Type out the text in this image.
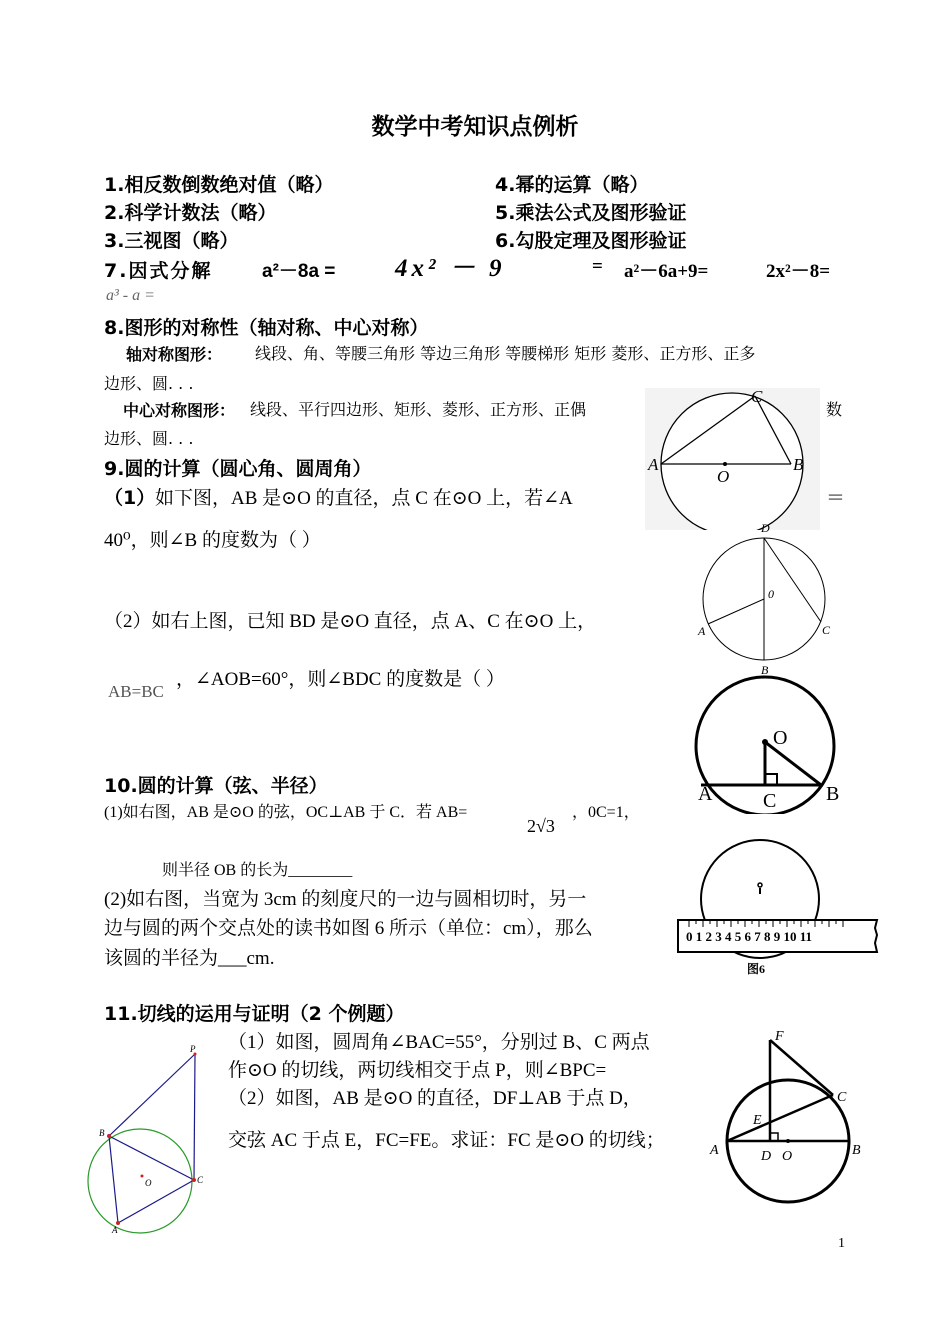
数学中考知识点例析
1.相反数倒数绝对值（略）
2.科学计数法（略）
3.三视图（略）
4.幂的运算（略）
5.乘法公式及图形验证
6.勾股定理及图形验证
7.因式分解	a²－8a = 4x² － 9	= a²－6a+9=	2x²－8=
a³ - a =
8.图形的对称性（轴对称、中心对称）
轴对称图形： 线段、角、等腰三角形 等边三角形 等腰梯形 矩形 菱形、正方形、正多
边形、圆. . .
中心对称图形： 线段、平行四边形、矩形、菱形、正方形、正偶	数
边形、圆. . .
9.圆的计算（圆心角、圆周角）
（1） 如下图，AB 是⊙O 的直径，点 C 在⊙O 上，若∠A	＝
40⁰，则∠B 的度数为（ ）
（2）如右上图，已知 BD 是⊙O 直径，点 A、C 在⊙O 上，
AB=BC
，∠AOB=60°，则∠BDC 的度数是（ ）
C
A	B
O
D
0
A	C
B
10.圆的计算（弦、半径）
(1)如右图，AB 是⊙O 的弦，OC⊥AB 于 C．若 AB=	，0C=1，
2√3
则半径 OB 的长为________
(2)如右图，当宽为 3cm 的刻度尺的一边与圆相切时，另一
边与圆的两个交点处的读书如图 6 所示（单位：cm），那么
该圆的半径为___cm.
O
A	B
C
0 1 2 3 4 5 6 7 8 9 10 11
图6
11.切线的运用与证明（2 个例题）
（1）如图，圆周角∠BAC=55°，分别过 B、C 两点
作⊙O 的切线，两切线相交于点 P，则∠BPC=
（2）如图，AB 是⊙O 的直径，DF⊥AB 于点 D，
交弦 AC 于点 E，FC=FE。求证：FC 是⊙O 的切线；
P
B
O	C
A
F
C
E
A	D O	B
1
